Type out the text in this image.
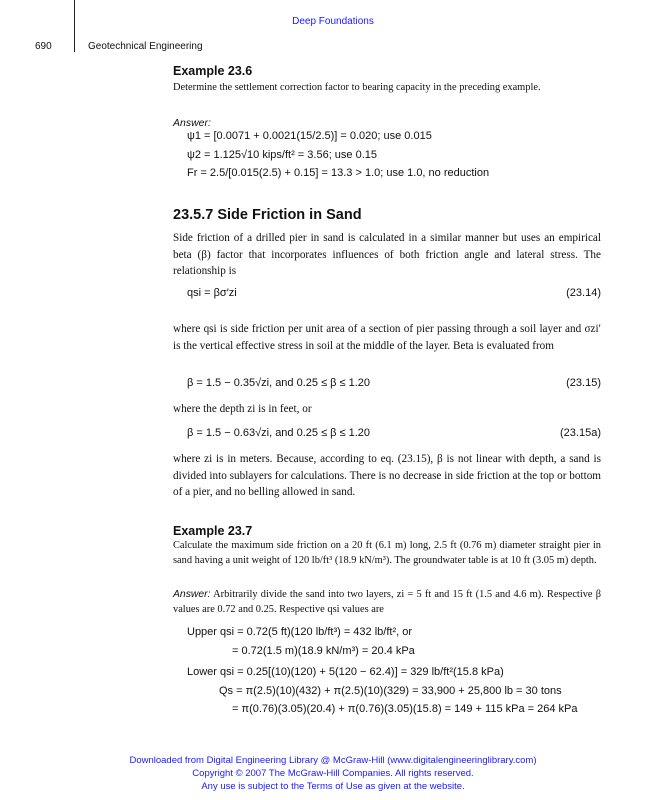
Deep Foundations
690	Geotechnical Engineering
Example 23.6
Determine the settlement correction factor to bearing capacity in the preceding example.
Answer:
ψ1 = [0.0071 + 0.0021(15/2.5)] = 0.020; use 0.015
ψ2 = 1.125√10 kips/ft² = 3.56; use 0.15
Fr = 2.5/[0.015(2.5) + 0.15] = 13.3 > 1.0; use 1.0, no reduction
23.5.7 Side Friction in Sand
Side friction of a drilled pier in sand is calculated in a similar manner but uses an empirical beta (β) factor that incorporates influences of both friction angle and lateral stress. The relationship is
qsi = βσ′zi	(23.14)
where qsi is side friction per unit area of a section of pier passing through a soil layer and σzi′ is the vertical effective stress in soil at the middle of the layer. Beta is evaluated from
β = 1.5 − 0.35√zi, and 0.25 ≤ β ≤ 1.20	(23.15)
where the depth zi is in feet, or
β = 1.5 − 0.63√zi, and 0.25 ≤ β ≤ 1.20	(23.15a)
where zi is in meters. Because, according to eq. (23.15), β is not linear with depth, a sand is divided into sublayers for calculations. There is no decrease in side friction at the top or bottom of a pier, and no belling allowed in sand.
Example 23.7
Calculate the maximum side friction on a 20 ft (6.1 m) long, 2.5 ft (0.76 m) diameter straight pier in sand having a unit weight of 120 lb/ft³ (18.9 kN/m³). The groundwater table is at 10 ft (3.05 m) depth.
Answer: Arbitrarily divide the sand into two layers, zi = 5 ft and 15 ft (1.5 and 4.6 m). Respective β values are 0.72 and 0.25. Respective qsi values are
Upper qsi = 0.72(5 ft)(120 lb/ft³) = 432 lb/ft², or
= 0.72(1.5 m)(18.9 kN/m³) = 20.4 kPa
Lower qsi = 0.25[(10)(120) + 5(120 − 62.4)] = 329 lb/ft²(15.8 kPa)
Qs = π(2.5)(10)(432) + π(2.5)(10)(329) = 33,900 + 25,800 lb = 30 tons
= π(0.76)(3.05)(20.4) + π(0.76)(3.05)(15.8) = 149 + 115 kPa = 264 kPa
Downloaded from Digital Engineering Library @ McGraw-Hill (www.digitalengineeringlibrary.com)
Copyright © 2007 The McGraw-Hill Companies. All rights reserved.
Any use is subject to the Terms of Use as given at the website.
